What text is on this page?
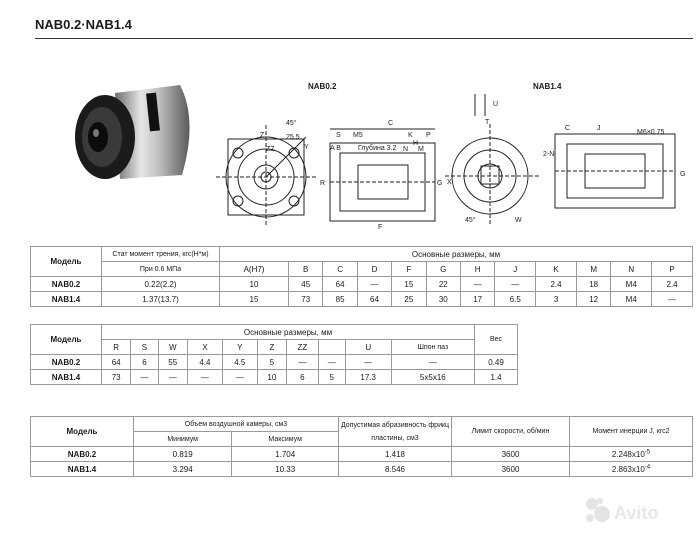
NAB0.2·NAB1.4
NAB0.2
45°
Z	25.5
Y
ZZ
M5
C
K
H
S
A B Глубина 3.2 N M
P
R	G
F
NAB1.4
U
T
M6×0.75
2-N
C	J
G
45°
X
W
Модель	Стат момент трения, кгс(Н*м)	Основные размеры, мм											
	При 0.6 МПа	A(H7)	B	C	D	F	G	H	J	K	M	N	P
NAB0.2	0.22(2.2)	10	45	64	—	15	22	—	—	2.4	18	M4	2.4
NAB1.4	1.37(13.7)	15	73	85	64	25	30	17	6.5	3	12	M4	—
Модель	Основные размеры, мм										Вес
	R	S	W	X	Y	Z	ZZ		U	Шпон паз	
NAB0.2	64	6	55	4.4	4.5	5	—	—	—	—	0.49
NAB1.4	73	—	—	—	—	10	6	5	17.3	5x5x16	1.4
Модель	Объем воздушной камеры, см3		Допустимая абразивность фрикц пластины, см3	Лимит скорости, об/мин	Момент инерции J, кгс2
	Минимум	Максимум			
NAB0.2	0.819	1.704	1.418	3600	$2.248x10^{-5}$
NAB1.4	3.294	10.33	8.546	3600	$2.863x10^{-4}$
Avito
